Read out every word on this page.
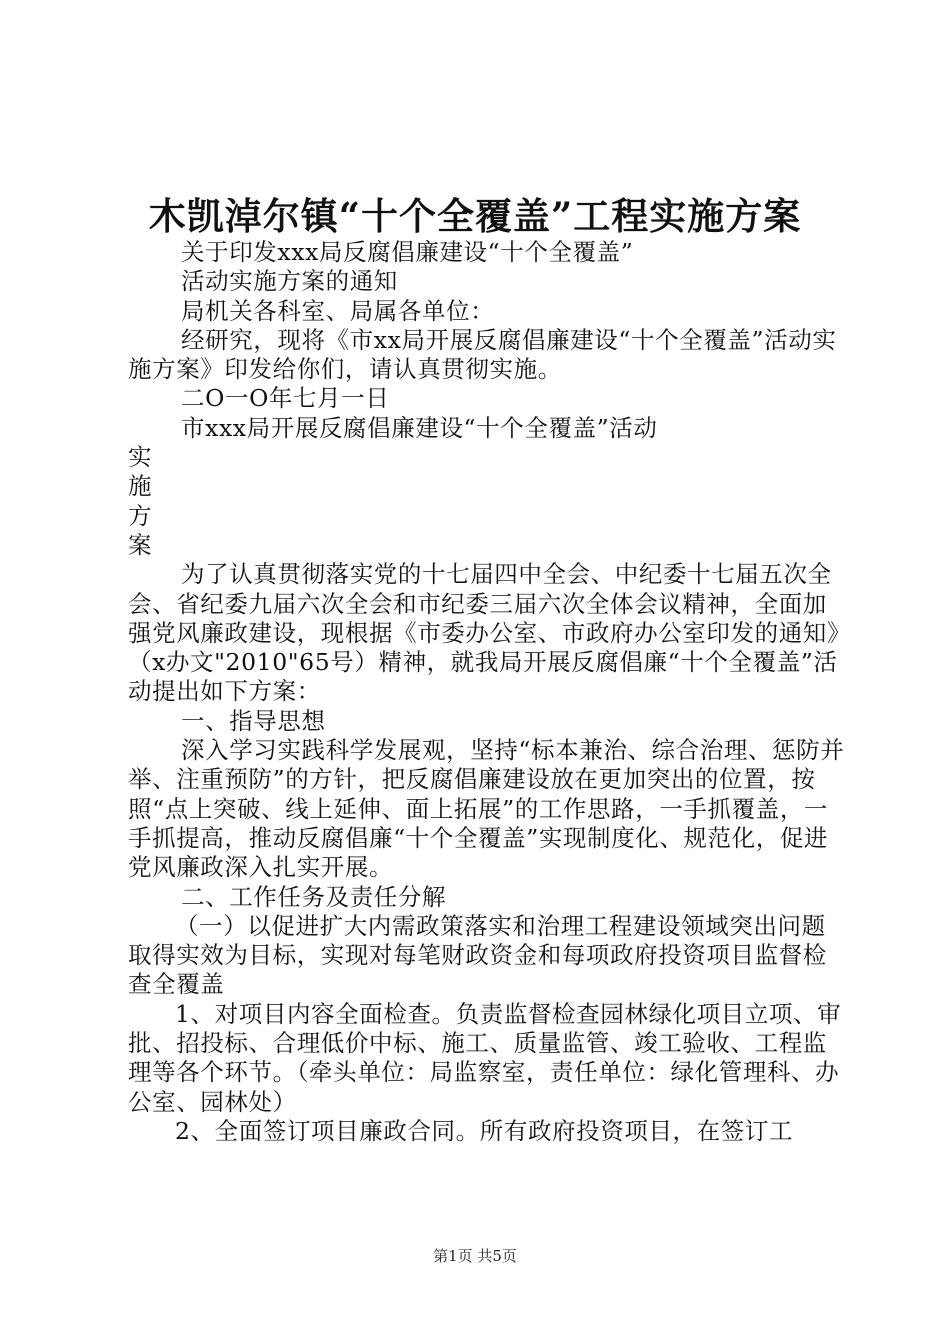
木凯淖尔镇“十个全覆盖”工程实施方案

关于印发xxx局反腐倡廉建设“十个全覆盖”

活动实施方案的通知

局机关各科室、局属各单位：

经研究，现将《市xx局开展反腐倡廉建设“十个全覆盖”活动实施方案》印发给你们，请认真贯彻实施。

二O一O年七月一日

市xxx局开展反腐倡廉建设“十个全覆盖”活动

实

施

方

案

为了认真贯彻落实党的十七届四中全会、中纪委十七届五次全会、省纪委九届六次全会和市纪委三届六次全体会议精神，全面加强党风廉政建设，现根据《市委办公室、市政府办公室印发的通知》（x办文"2010"65号）精神，就我局开展反腐倡廉“十个全覆盖”活动提出如下方案：

一、指导思想

深入学习实践科学发展观，坚持“标本兼治、综合治理、惩防并举、注重预防”的方针，把反腐倡廉建设放在更加突出的位置，按照“点上突破、线上延伸、面上拓展”的工作思路，一手抓覆盖，一手抓提高，推动反腐倡廉“十个全覆盖”实现制度化、规范化，促进党风廉政深入扎实开展。

二、工作任务及责任分解

（一）以促进扩大内需政策落实和治理工程建设领域突出问题取得实效为目标，实现对每笔财政资金和每项政府投资项目监督检查全覆盖

1、对项目内容全面检查。负责监督检查园林绿化项目立项、审批、招投标、合理低价中标、施工、质量监管、竣工验收、工程监理等各个环节。（牵头单位：局监察室，责任单位：绿化管理科、办公室、园林处）

2、全面签订项目廉政合同。所有政府投资项目，在签订工

第1页 共5页
